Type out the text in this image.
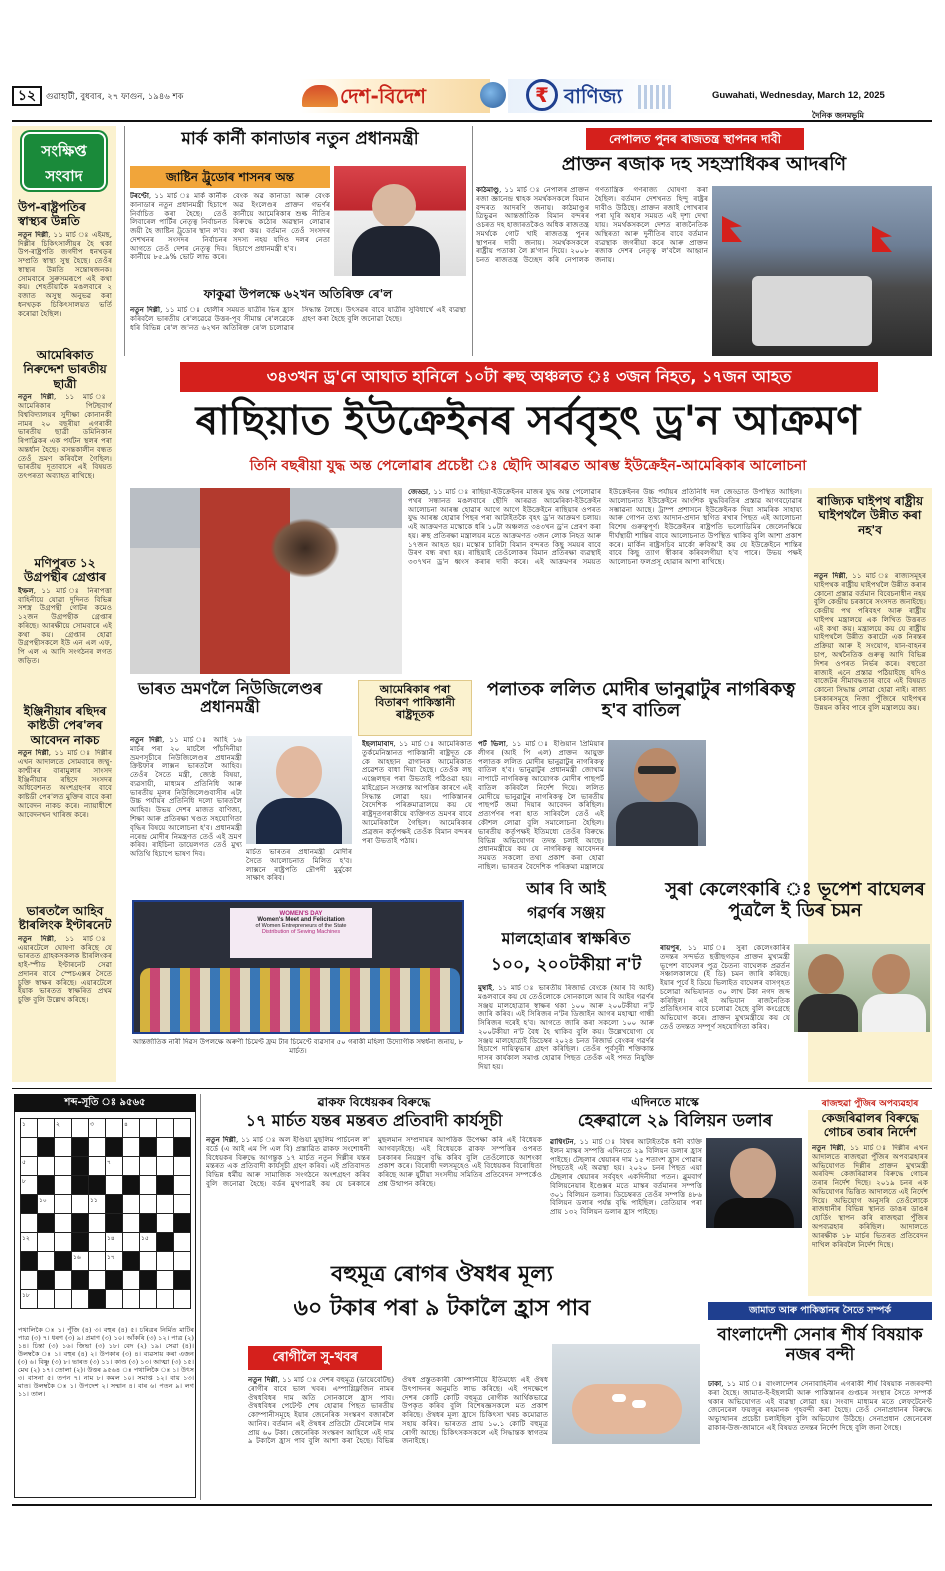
১২	গুৱাহাটী, বুধবাৰ, ২৭ ফাগুন, ১৯৪৬ শক	দেশ-বিদেশ	₹ বাণিজ্য	Guwahati, Wednesday, March 12, 2025
দৈনিক জনমভূমি
সংক্ষিপ্ত
সংবাদ
উপ-ৰাষ্ট্ৰপতিৰ স্বাস্থ্যৰ উন্নতি
নতুন দিল্লী, ১১ মাৰ্চ ঃ এইমছ, দিল্লীৰ চিকিৎসালীয়ৰ হৈ থকা উপ-ৰাষ্ট্ৰপতি জগদীপ ধনখড়ৰ সম্প্ৰতি স্বাস্থ্য সুস্থ হৈছে। তেওঁৰ স্বাস্থ্যৰ উন্নতি সন্তোষজনক। সোমবাৰে সুৰুসমৰূপে এই কথা কয়। শেহতীয়াকৈ মঙলবাৰে ২ বজাত অসুস্থ অনুভৱ কৰা ধনখড়ক চিকিৎসালয়ত ভৰ্তি কৰোৱা হৈছিল।
আমেৰিকাত নিৰুদ্দেশ ভাৰতীয় ছাত্ৰী
নতুন দিল্লী, ১১ মাৰ্চ ঃ আমেৰিকাৰ পিটছবাৰ্গ বিশ্ববিদ্যালয়ৰ সুদীক্ষা কোনানকী নামৰ ২০ বছৰীয়া এগৰাকী ভাৰতীয় ছাত্ৰী ডমিনিকান ৰিপাব্লিকৰ এক পৰ্যটন স্থলৰ পৰা অন্তৰ্ধান হৈছে। বসন্তকালীন বন্ধত তেওঁ ভ্ৰমণ কৰিবলৈ গৈছিল। ভাৰতীয় দূতাবাসে এই বিষয়ত তৎপৰতা অব্যাহত ৰাখিছে।
মণিপুৰত ১২ উগ্ৰপন্থীৰ গ্ৰেপ্তাৰ
ইম্ফল, ১১ মাৰ্চ ঃ নিৰাপত্তা বাহিনীয়ে যোৱা দুদিনত বিভিন্ন সশস্ত্ৰ উগ্ৰপন্থী গোটৰ কমেও ১২জন উগ্ৰপন্থীক গ্ৰেপ্তাৰ কৰিছে। আৰক্ষীয়ে সোমবাৰে এই কথা কয়। গ্ৰেপ্তাৰ হোৱা উগ্ৰপন্থীসকলে ইউ এন এল এফ, পি এল এ আদি সংগঠনৰ লগত জড়িত।
ইঞ্জিনীয়াৰ ৰছিদৰ কাষ্টডী পেৰ'লৰ আবেদন নাকচ
নতুন দিল্লী, ১১ মাৰ্চ ঃ দিল্লীৰ এখন আদালতে সোমবাৰে জম্মু-কাশ্মীৰৰ বাৰামুলাৰ সাংসদ ইঞ্জিনীয়াৰ ৰছিদে সংসদৰ অধিবেশনত অংশগ্ৰহণৰ বাবে কাষ্টডী পেৰ'লত মুক্তিৰ বাবে কৰা আবেদন নাকচ কৰে। ন্যায়াধীশে আবেদনখন খাৰিজ কৰে।
ভাৰতলৈ আহিব ষ্টাৰলিংক ইণ্টাৰনেট
নতুন দিল্লী, ১১ মাৰ্চ ঃ এয়াৰটেলে ঘোষণা কৰিছে যে ভাৰতত গ্ৰাহকসকলক ষ্টাৰলিংকৰ হাই-স্পীড ইণ্টাৰনেট সেৱা প্ৰদানৰ বাবে স্পেচএক্সৰ সৈতে চুক্তি স্বাক্ষৰ কৰিছে। এয়াৰটেলে ইয়াক ভাৰতত স্বাক্ষৰিত প্ৰথম চুক্তি বুলি উল্লেখ কৰিছে।
মাৰ্ক কাৰ্নী কানাডাৰ নতুন প্ৰধানমন্ত্ৰী
জাষ্টিন ট্ৰুডোৰ শাসনৰ অন্ত
টৰণ্টো, ১১ মাৰ্চ ঃ মাৰ্ক কাৰ্নীক কানাডাৰ নতুন প্ৰধানমন্ত্ৰী হিচাপে নিৰ্বাচিত কৰা হৈছে। তেওঁ লিবাৰেল পাৰ্টিৰ নেতৃত্ব নিৰ্বাচনত জয়ী হৈ জাষ্টিন ট্ৰুডোৰ স্থান ল'ব। দেশখনৰ সংসদৰ নিৰ্বাচনৰ আগতে তেওঁ দেশৰ নেতৃত্ব দিব। কাৰ্নীয়ে ৮৫.৯% ভোট লাভ কৰে। বেংক অৱ কানাডা আৰু বেংক অৱ ইংলেণ্ডৰ প্ৰাক্তন গভৰ্ণৰ কাৰ্নীয়ে আমেৰিকাৰ শুল্ক নীতিৰ বিৰুদ্ধে কঠোৰ অৱস্থান লোৱাৰ কথা কয়। বৰ্তমান তেওঁ সংসদৰ সদস্য নহয় যদিও দলৰ নেতা হিচাপে প্ৰধানমন্ত্ৰী হ'ব।
ফাকুৱা উপলক্ষে ৬২খন অতিৰিক্ত ৰে'ল
নতুন দিল্লী, ১১ মাৰ্চ ঃ হোলীৰ সময়ত যাত্ৰীৰ ভিৰ হ্ৰাস কৰিবলৈ ভাৰতীয় ৰে'লৱেৱে উত্তৰ-পূব সীমান্ত ৰে'লৱেকে ধৰি বিভিন্ন ৰে'ল জ'নত ৬২খন অতিৰিক্ত ৰে'ল চলোৱাৰ সিদ্ধান্ত লৈছে। উৎসৱৰ বাবে যাত্ৰীৰ সুবিধাৰ্থে এই ব্যৱস্থা গ্ৰহণ কৰা হৈছে বুলি জনোৱা হৈছে।
নেপালত পুনৰ ৰাজতন্ত্ৰ স্থাপনৰ দাবী
প্ৰাক্তন ৰজাক দহ সহস্ৰাধিকৰ আদৰণি
কাঠমাণ্ডু, ১১ মাৰ্চ ঃ নেপালৰ প্ৰাক্তন ৰজা জ্ঞানেন্দ্ৰ শ্বাহক সমৰ্থকসকলে বিমান বন্দৰত আদৰণি জনায়। কাঠমাণ্ডুৰ ত্ৰিভুৱন আন্তৰ্জাতিক বিমান বন্দৰৰ ওচৰত দহ হাজাৰতকৈও অধিক ৰাজতন্ত্ৰ সমৰ্থকে গোট খাই ৰাজতন্ত্ৰ পুনৰ স্থাপনৰ দাবী জনায়। সমৰ্থকসকলে ৰাষ্ট্ৰীয় পতাকা লৈ শ্ল'গান দিয়ে। ২০০৮ চনত ৰাজতন্ত্ৰ উচ্ছেদ কৰি নেপালক গণতান্ত্ৰিক গণৰাজ্য ঘোষণা কৰা হৈছিল। বৰ্তমান দেশখনত হিন্দু ৰাষ্ট্ৰৰ দাবীও উঠিছে। প্ৰাক্তন ৰজাই পোখৰাৰ পৰা ঘূৰি অহাৰ সময়ত এই দৃশ্য দেখা যায়। সমৰ্থকসকলে দেশত ৰাজনৈতিক অস্থিৰতা আৰু দুৰ্নীতিৰ বাবে বৰ্তমান ব্যৱস্থাক জগৰীয়া কৰে আৰু প্ৰাক্তন ৰজাক দেশৰ নেতৃত্ব ল'বলৈ আহ্বান জনায়।
৩৪৩খন ড্ৰ'নে আঘাত হানিলে ১০টা ৰুছ অঞ্চলত ঃ ৩জন নিহত, ১৭জন আহত
ৰাছিয়াত ইউক্ৰেইনৰ সৰ্ববৃহৎ ড্ৰ'ন আক্ৰমণ
তিনি বছৰীয়া যুদ্ধ অন্ত পেলোৱাৰ প্ৰচেষ্টা ঃ ছৌদি আৰৱত আৰম্ভ ইউক্ৰেইন-আমেৰিকাৰ আলোচনা
জেড্ডা, ১১ মাৰ্চ ঃ ৰাছিয়া-ইউক্ৰেইনৰ মাজৰ যুদ্ধ অন্ত পেলোৱাৰ পথৰ সন্ধানত মঙলবাৰে ছৌদি আৰৱত আমেৰিকা-ইউক্ৰেইন আলোচনা আৰম্ভ হোৱাৰ আগে আগে ইউক্ৰেইনে ৰাছিয়াৰ ওপৰত যুদ্ধ আৰম্ভ হোৱাৰ পিছৰ পৰা আটাইতকৈ বৃহৎ ড্ৰ'ন আক্ৰমণ চলায়। এই আক্ৰমণত মস্কোকে ধৰি ১০টা অঞ্চলত ৩৪৩খন ড্ৰ'ন প্ৰেৰণ কৰা হয়। ৰুছ প্ৰতিৰক্ষা মন্ত্ৰালয়ৰ মতে আক্ৰমণত ৩জন লোক নিহত আৰু ১৭জন আহত হয়। মস্কোৰ চাৰিটা বিমান বন্দৰত কিছু সময়ৰ বাবে উৰণ বন্ধ ৰখা হয়। ৰাছিয়াই তেওঁলোকৰ বিমান প্ৰতিৰক্ষা ব্যৱস্থাই ৩৩৭খন ড্ৰ'ন ধ্বংস কৰাৰ দাবী কৰে। এই আক্ৰমণৰ সময়ত ইউক্ৰেইনৰ উচ্চ পৰ্যায়ৰ প্ৰতিনিধি দল জেড্ডাত উপস্থিত আছিল। আলোচনাত ইউক্ৰেইনে আংশিক যুদ্ধবিৰতিৰ প্ৰস্তাৱ আগবঢ়োৱাৰ সম্ভাৱনা আছে। ট্ৰাম্প প্ৰশাসনে ইউক্ৰেইনক দিয়া সামৰিক সাহায্য আৰু গোপন তথ্য আদান-প্ৰদান স্থগিত ৰখাৰ পিছত এই আলোচনা বিশেষ গুৰুত্বপূৰ্ণ। ইউক্ৰেইনৰ ৰাষ্ট্ৰপতি ভলোডিমিৰ জেলেনস্কিয়ে দীৰ্ঘস্থায়ী শান্তিৰ বাবে আলোচনাত উপস্থিত থাকিব বুলি আশা প্ৰকাশ কৰে। মাৰ্কিন ৰাষ্ট্ৰসচিব মাৰ্কো ৰুবিঅ'ই কয় যে ইউক্ৰেইনে শান্তিৰ বাবে কিছু ত্যাগ স্বীকাৰ কৰিবলগীয়া হ'ব পাৰে। উভয় পক্ষই আলোচনা ফলপ্ৰসূ হোৱাৰ আশা ৰাখিছে।
ৰাজ্যিক ঘাইপথ ৰাষ্ট্ৰীয় ঘাইপথলৈ উন্নীত কৰা নহ'ব
নতুন দিল্লী, ১১ মাৰ্চ ঃ ৰাজ্যসমূহৰ ঘাইপথক ৰাষ্ট্ৰীয় ঘাইপথলৈ উন্নীত কৰাৰ কোনো প্ৰস্তাৱ বৰ্তমান বিবেচনাধীন নহয় বুলি কেন্দ্ৰীয় চৰকাৰে সংসদত জনাইছে। কেন্দ্ৰীয় পথ পৰিবহণ আৰু ৰাষ্ট্ৰীয় ঘাইপথ মন্ত্ৰালয়ে এক লিখিত উত্তৰত এই কথা কয়। মন্ত্ৰালয়ে কয় যে ৰাষ্ট্ৰীয় ঘাইপথলৈ উন্নীত কৰাটো এক নিৰন্তৰ প্ৰক্ৰিয়া আৰু ই সংযোগ, যান-বাহনৰ চাপ, অৰ্থনৈতিক গুৰুত্ব আদি বিভিন্ন দিশৰ ওপৰত নিৰ্ভৰ কৰে। বহুতো ৰাজ্যই এনে প্ৰস্তাৱ পঠিয়াইছে যদিও বাজেটৰ সীমাবদ্ধতাৰ বাবে এই বিষয়ত কোনো সিদ্ধান্ত লোৱা হোৱা নাই। ৰাজ্য চৰকাৰসমূহে নিজা পুঁজিৰে ঘাইপথৰ উন্নয়ন কৰিব পাৰে বুলি মন্ত্ৰালয়ে কয়।
ভাৰত ভ্ৰমণলৈ নিউজিলেণ্ডৰ প্ৰধানমন্ত্ৰী
নতুন দিল্লী, ১১ মাৰ্চ ঃ আহি ১৬ মাৰ্চৰ পৰা ২০ মাৰ্চলৈ পাঁচদিনীয়া ভ্ৰমণসূচীৰে নিউজিলেণ্ডৰ প্ৰধানমন্ত্ৰী ক্ৰিষ্টফাৰ লাক্সন ভাৰতলৈ আহিব। তেওঁৰ সৈতে মন্ত্ৰী, জ্যেষ্ঠ বিষয়া, ব্যৱসায়ী, মাধ্যমৰ প্ৰতিনিধি আৰু ভাৰতীয় মূলৰ নিউজিলেণ্ডবাসীৰ এটা উচ্চ পৰ্যায়ৰ প্ৰতিনিধি দলো ভাৰতলৈ আহিব। উভয় দেশৰ মাজত বাণিজ্য, শিক্ষা আৰু প্ৰতিৰক্ষা খণ্ডত সহযোগিতা বৃদ্ধিৰ বিষয়ে আলোচনা হ'ব। প্ৰধানমন্ত্ৰী নৰেন্দ্ৰ মোদীৰ নিমন্ত্ৰণত তেওঁ এই ভ্ৰমণ কৰিব। ৰাইচিনা ডায়েলগত তেওঁ মুখ্য অতিথি হিচাপে ভাষণ দিব।	মাৰ্চত ভাৰতৰ প্ৰধানমন্ত্ৰী মোদীৰ সৈতে আলোচনাত মিলিত হ'ব। লাক্সনে ৰাষ্ট্ৰপতি দ্ৰৌপদী মুৰ্মুকো সাক্ষাৎ কৰিব।
আমেৰিকাৰ পৰা বিতাৰণ পাকিস্তানী ৰাষ্ট্ৰদূতক
ইছলামাবাদ, ১১ মাৰ্চ ঃ আমেৰিকাত তুৰ্কমেনিস্তানত পাকিস্তানী ৰাষ্ট্ৰদূত কে কে আহছান ৱাগানক আমেৰিকাত প্ৰৱেশত বাধা দিয়া হৈছে। তেওঁক লছ এঞ্জেলছৰ পৰা উভতাই পঠিওৱা হয়। মাইগ্ৰেচন সংক্ৰান্ত আপত্তিৰ কাৰণে এই সিদ্ধান্ত লোৱা হয়। পাকিস্তানৰ বৈদেশিক পৰিক্ৰমাত্ৰালয়ে কয় যে ৰাষ্ট্ৰদূতগৰাকীয়ে ব্যক্তিগত ভ্ৰমণৰ বাবে আমেৰিকালৈ গৈছিল। আমেৰিকাৰ প্ৰব্ৰজন কৰ্তৃপক্ষই তেওঁক বিমান বন্দৰৰ পৰা উভতাই পঠায়।
WOMEN'S DAY
Women's Meet and Felicitation
of Women Entrepreneurs of the State
Distribution of Sewing Machines
আন্তৰ্জাতিক নাৰী দিৱস উপলক্ষে অৰুণী চিমেণ্ট ফ্ৰম টাৰ চিমেণ্টে ব্যৱসাৰ ৫০ গৰাকী মহিলা উদ্যোগীক সম্বৰ্ধনা জনায়, ৮ মাৰ্চত।
পলাতক ললিত মোদীৰ ভানুৱাটুৰ নাগৰিকত্ব হ'ব বাতিল
পৰ্ট ভিলা, ১১ মাৰ্চ ঃ ইণ্ডিয়ান প্ৰিমিয়াৰ লীগৰ (আই পি এল) প্ৰাক্তন আয়ুক্ত পলাতক ললিত মোদীৰ ভানুৱাটুৰ নাগৰিকত্ব বাতিল হ'ব। ভানুৱাটুৰ প্ৰধানমন্ত্ৰী জোথাম নাপাটে নাগৰিকত্ব আয়োগক মোদীৰ পাছপৰ্ট বাতিল কৰিবলৈ নিৰ্দেশ দিয়ে। ললিত মোদীয়ে ভানুৱাটুৰ নাগৰিকত্ব লৈ ভাৰতীয় পাছপৰ্ট জমা দিয়াৰ আবেদন কৰিছিল। প্ৰত্যৰ্পণৰ পৰা হাত সাৰিবলৈ তেওঁ এই কৌশল লোৱা বুলি সমালোচনা হৈছিল। ভাৰতীয় কৰ্তৃপক্ষই ইতিমধ্যে তেওঁৰ বিৰুদ্ধে বিভিন্ন অভিযোগৰ তদন্ত চলাই আছে। প্ৰধানমন্ত্ৰীয়ে কয় যে নাগৰিকত্ব আবেদনৰ সময়ত সকলো তথ্য প্ৰকাশ কৰা হোৱা নাছিল। ভাৰতৰ বৈদেশিক পৰিক্ৰমা মন্ত্ৰালয়ে
আৰ বি আই
গৱৰ্ণৰ সঞ্জয়
মালহোত্ৰাৰ স্বাক্ষৰিত
১০০, ২০০টকীয়া ন'ট
মুম্বাই, ১১ মাৰ্চ ঃ ভাৰতীয় ৰিজাৰ্ভ বেংকে (আৰ বি আই) মঙলবাৰে কয় যে তেওঁলোকে সোনকালে আৰ বি আইৰ গৱৰ্ণৰ সঞ্জয় মালহোত্ৰাৰ স্বাক্ষৰ থকা ১০০ আৰু ২০০টকীয়া ন'ট জাৰি কৰিব। এই সিৰিজৰ ন'টৰ ডিজাইন আগৰ মহাত্মা গান্ধী সিৰিজৰ দৰেই হ'ব। আগতে জাৰি কৰা সকলো ১০০ আৰু ২০০টকীয়া ন'ট বৈধ হৈ থাকিব বুলি কয়। উল্লেখযোগ্য যে সঞ্জয় মালহোত্ৰাই ডিচেম্বৰ ২০২৪ চনত ৰিজাৰ্ভ বেংকৰ গৱৰ্ণৰ হিচাপে দায়িত্বভাৰ গ্ৰহণ কৰিছিল। তেওঁৰ পূৰ্বসূৰী শক্তিকান্ত দাসৰ কাৰ্যকাল সমাপ্ত হোৱাৰ পিছত তেওঁক এই পদত নিযুক্তি দিয়া হয়।
সুৰা কেলেংকাৰি ঃ ভূপেশ বাঘেলৰ পুত্ৰলৈ ই ডিৰ চমন
ৰায়পুৰ, ১১ মাৰ্চ ঃ সুৰা কেলেংকাৰিৰ তদন্তৰ সন্দৰ্ভত ছত্তীছগড়ৰ প্ৰাক্তন মুখ্যমন্ত্ৰী ভূপেশ বাঘেলৰ পুত্ৰ চৈতন্য বাঘেলক প্ৰৱৰ্তন সঞ্চালকালয়ে (ই ডি) চমন জাৰি কৰিছে। ইয়াৰ পূৰ্বে ই ডিয়ে ভিলাইত বাঘেলৰ বাসগৃহত চলোৱা অভিযানত ৩০ লাখ টকা নগদ জব্দ কৰিছিল। এই অভিযান ৰাজনৈতিক প্ৰতিহিংসাৰ বাবে চলোৱা হৈছে বুলি কংগ্ৰেছে অভিযোগ কৰে। প্ৰাক্তন মুখ্যমন্ত্ৰীয়ে কয় যে তেওঁ তদন্তত সম্পূৰ্ণ সহযোগিতা কৰিব।
শব্দ-সূতি ঃ ৯৫৬৫
১		২		৩		৪			

৫					৭				
৮									
	১০			১১					

১২					১৪		১৫		
			১৬		১৭				

১৮									
পথালিকৈ ঃ ১। পুঁজি (৪) ৩। বহুৰ (৪) ৫। চৰিত্ৰৰ নিৰ্মিত মাটিৰ পাত্ৰ (৩) ৭। ধৰণ (৩) ৯। প্ৰমাণ (৩) ১০। আঁকৰি (৩) ১২। পাত্ৰ (২) ১৪। চিন্তা (৩) ১৬। জিভা (৩) ১৮। বেদ (২) ১৯। সেৱা (৪)। উলম্বকৈ ঃ ১। বহুৰ (৪) ২। উপকাৰ (৩) ৪। ব্যৱসায় কৰা এজন (৩) ৬। বিষ্ণু (৩) ৮। ভাৰত (৩) ১১। কাণ্ড (৩) ১৩। আত্মা (৩) ১৫। মেঘ (২) ১৭। তোলা (২)। উত্তৰ ৯৫৬৪ ঃ পথালিকৈ ঃ ১। উৎস ৩। বাসনা ৫। তপন ৭। নাম ৮। কমল ১০। সমাপ্ত ১২। বায় ১৩। মাত। উলম্বকৈ ঃ ১। উপদেশ ২। সম্মান ৪। বাৰ ৬। পতন ৯। লগ ১১। তাল।
ৱাকফ বিধেয়কৰ বিৰুদ্ধে
১৭ মাৰ্চত যন্তৰ মন্তৰত প্ৰতিবাদী কাৰ্যসূচী
নতুন দিল্লী, ১১ মাৰ্চ ঃ অল ইণ্ডিয়া মুছলিম পাৰ্চনেল ল' বৰ্ডে (এ আই এম পি এল বি) প্ৰস্তাৱিত ৱাকফ সংশোধনী বিধেয়কৰ বিৰুদ্ধে আগন্তুক ১৭ মাৰ্চত নতুন দিল্লীৰ যন্তৰ মন্তৰত এক প্ৰতিবাদী কাৰ্যসূচী গ্ৰহণ কৰিব। এই প্ৰতিবাদত বিভিন্ন ধৰ্মীয় আৰু সামাজিক সংগঠনে অংশগ্ৰহণ কৰিব বুলি জনোৱা হৈছে। বৰ্ডৰ মুখপাত্ৰই কয় যে চৰকাৰে মুছলমান সম্প্ৰদায়ৰ আপত্তিক উপেক্ষা কৰি এই বিধেয়ক আগবঢ়াইছে। এই বিধেয়কে ৱাকফ সম্পত্তিৰ ওপৰত চৰকাৰৰ নিয়ন্ত্ৰণ বৃদ্ধি কৰিব বুলি তেওঁলোকে আশংকা প্ৰকাশ কৰে। বিৰোধী দলসমূহেও এই বিধেয়কৰ বিৰোধিতা কৰিছে আৰু যুটীয়া সংসদীয় সমিতিৰ প্ৰতিবেদন সম্পৰ্কেও প্ৰশ্ন উত্থাপন কৰিছে।
এদিনতে মাস্কে
হেৰুৱালে ২৯ বিলিয়ন ডলাৰ
ৱাশ্বিংটন, ১১ মাৰ্চ ঃ বিশ্বৰ আটাইতকৈ ধনী ব্যক্তি ইলন মাস্কৰ সম্পত্তি এদিনতে ২৯ বিলিয়ন ডলাৰ হ্ৰাস পাইছে। টেছলাৰ শ্বেয়াৰৰ দাম ১৫ শতাংশ হ্ৰাস পোৱাৰ পিছতেই এই অৱস্থা হয়। ২০২০ চনৰ পিছত এয়া টেছলাৰ শ্বেয়াৰৰ সৰ্ববৃহৎ একদিনীয়া পতন। ব্লুমবাৰ্গ বিলিয়নেয়াৰ ইণ্ডেক্সৰ মতে মাস্কৰ বৰ্তমানৰ সম্পত্তি ৩০১ বিলিয়ন ডলাৰ। ডিচেম্বৰত তেওঁৰ সম্পত্তি ৪৮৬ বিলিয়ন ডলাৰ পৰ্যন্ত বৃদ্ধি পাইছিল। তেতিয়াৰ পৰা প্ৰায় ১৩২ বিলিয়ন ডলাৰ হ্ৰাস পাইছে।
ৰাজহুৱা পুঁজিৰ অপব্যৱহাৰ
কেজৰিৱালৰ বিৰুদ্ধে গোচৰ তৰাৰ নিৰ্দেশ
নতুন দিল্লী, ১১ মাৰ্চ ঃ দিল্লীৰ এখন আদালতে ৰাজহুৱা পুঁজিৰ অপব্যৱহাৰৰ অভিযোগত দিল্লীৰ প্ৰাক্তন মুখ্যমন্ত্ৰী অৰবিন্দ কেজৰিৱালৰ বিৰুদ্ধে গোচৰ তৰাৰ নিৰ্দেশ দিছে। ২০১৯ চনৰ এক অভিযোগৰ ভিত্তিত আদালতে এই নিৰ্দেশ দিয়ে। অভিযোগ অনুসৰি তেওঁলোকে ৰাজধানীৰ বিভিন্ন স্থানত ডাঙৰ ডাঙৰ হোৰ্ডিং স্থাপন কৰি ৰাজহুৱা পুঁজিৰ অপব্যৱহাৰ কৰিছিল। আদালতে আৰক্ষীক ১৮ মাৰ্চৰ ভিতৰত প্ৰতিবেদন দাখিল কৰিবলৈ নিৰ্দেশ দিছে।
বহুমূত্ৰ ৰোগৰ ঔষধৰ মূল্য
৬০ টকাৰ পৰা ৯ টকালৈ হ্ৰাস পাব
ৰোগীলৈ সু-খবৰ
নতুন দিল্লী, ১১ মাৰ্চ ঃ দেশৰ বহুমূত্ৰ (ডায়েবেটিছ) ৰোগীৰ বাবে ভাল খবৰ। এম্পাগ্লিফ্লজিন নামৰ ঔষধবিধৰ দাম অতি সোনকালে হ্ৰাস পাব। ঔষধবিধৰ পেটেণ্ট শেষ হোৱাৰ পিছত ভাৰতীয় কোম্পানীসমূহে ইয়াৰ জেনেৰিক সংস্কৰণ বজাৰলৈ আনিব। বৰ্তমান এই ঔষধৰ প্ৰতিটো টেবলেটৰ দাম প্ৰায় ৬০ টকা। জেনেৰিক সংস্কৰণ আহিলে এই দাম ৯ টকালৈ হ্ৰাস পাব বুলি আশা কৰা হৈছে। বিভিন্ন ঔষধ প্ৰস্তুতকাৰী কোম্পানীয়ে ইতিমধ্যে এই ঔষধ উৎপাদনৰ অনুমতি লাভ কৰিছে। এই পদক্ষেপে দেশৰ কোটি কোটি বহুমূত্ৰ ৰোগীক আৰ্থিকভাৱে উপকৃত কৰিব বুলি বিশেষজ্ঞসকলে মত প্ৰকাশ কৰিছে। ঔষধৰ মূল্য হ্ৰাসে চিকিৎসা খৰচ কমোৱাত সহায় কৰিব। ভাৰতত প্ৰায় ১০.১ কোটি বহুমূত্ৰ ৰোগী আছে। চিকিৎসকসকলে এই সিদ্ধান্তক স্বাগতম জনাইছে।
জামাত আৰু পাকিস্তানৰ সৈতে সম্পৰ্ক
বাংলাদেশী সেনাৰ শীৰ্ষ বিষয়াক নজৰ বন্দী
ঢাকা, ১১ মাৰ্চ ঃ বাংলাদেশৰ সেনাবাহিনীৰ এগৰাকী শীৰ্ষ বিষয়াক নজৰবন্দী কৰা হৈছে। জামাত-ই-ইছলামী আৰু পাকিস্তানৰ গুপ্তচৰ সংস্থাৰ সৈতে সম্পৰ্ক থকাৰ অভিযোগত এই ব্যৱস্থা লোৱা হয়। সংবাদ মাধ্যমৰ মতে লেফটেনেণ্ট জেনেৰেল ফয়জুৰ ৰহমানক গৃহবন্দী কৰা হৈছে। তেওঁ সেনাপ্ৰধানৰ বিৰুদ্ধে অভ্যুত্থানৰ প্ৰচেষ্টা চলাইছিল বুলি অভিযোগ উঠিছে। সেনাপ্ৰধান জেনেৰেল ৱাকাৰ-উজ-জামানে এই বিষয়ত তদন্তৰ নিৰ্দেশ দিছে বুলি জনা গৈছে।
